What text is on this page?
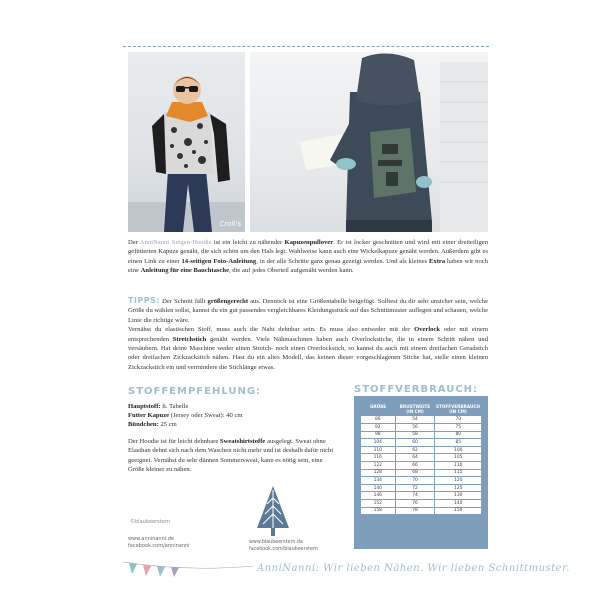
Croli's
Der AnniNanni Jungen-Hoodie ist ein leicht zu nähender Kapuzenpullover. Er ist locker geschnitten und wird mit einer dreiteiligen gefütterten Kapuze genäht, die sich schön um den Hals legt. Wahlweise kann auch eine Wickelkapuze genäht werden. Außerdem gibt es einen Link zu einer 14-seitigen Foto-Anleitung, in der alle Schritte ganz genau gezeigt werden. Und als kleines Extra haben wir noch eine Anleitung für eine Bauchtasche, die auf jedes Oberteil aufgenäht werden kann.
TIPPS: Der Schnitt fällt größengerecht aus. Dennoch ist eine Größentabelle beigefügt. Solltest du dir sehr unsicher sein, welche Größe du wählen sollst, kannst du ein gut passendes vergleichbares Kleidungsstück auf das Schnittmuster auflegen und schauen, welche Linie die richtige wäre.
Vernähst du elastischen Stoff, muss auch die Naht dehnbar sein. Es muss also entweder mit der Overlock oder mit einem entsprechenden Stretchstich genäht werden. Viele Nähmaschinen haben auch Overlockstiche, die in einem Schritt nähen und versäubern. Hat deine Maschine weder einen Stretch- noch einen Overlockstich, so kannst du auch mit einem dreifachen Geradstich oder dreifachen Zickzackstich nähen. Hast du ein altes Modell, das keinen dieser vorgeschlagenen Stiche hat, stelle einen kleinen Zickzackstich ein und vermindere die Stichlänge etwas.
STOFFEMPFEHLUNG:
Hauptstoff: lt. Tabelle
Futter Kapuze (Jersey oder Sweat): 40 cm
Bündchen: 25 cm
Der Hoodie ist für leicht dehnbare Sweatshirtstoffe ausgelegt. Sweat ohne Elasthan dehnt sich nach dem Waschen nicht mehr und ist deshalb dafür nicht geeignet. Vernähst du sehr dünnen Sommersweat, kann es nötig sein, eine Größe kleiner zu nähen.
STOFFVERBRAUCH:
GRÖßE	BRUSTWEITE (IN CM)	STOFFVERBRAUCH (IN CM)
86	54	70
92	56	75
98	58	80
104	60	85
110	62	100
116	64	105
122	66	110
128	68	115
134	70	120
140	72	125
146	74	130
152	76	140
158	78	150
©blaubeerstern
www.anninanni.de
facebook.com/anninanni
www.blaubeerstern.de
facebook.com/blaubeerstern
AnniNanni: Wir lieben Nähen. Wir lieben Schnittmuster.
